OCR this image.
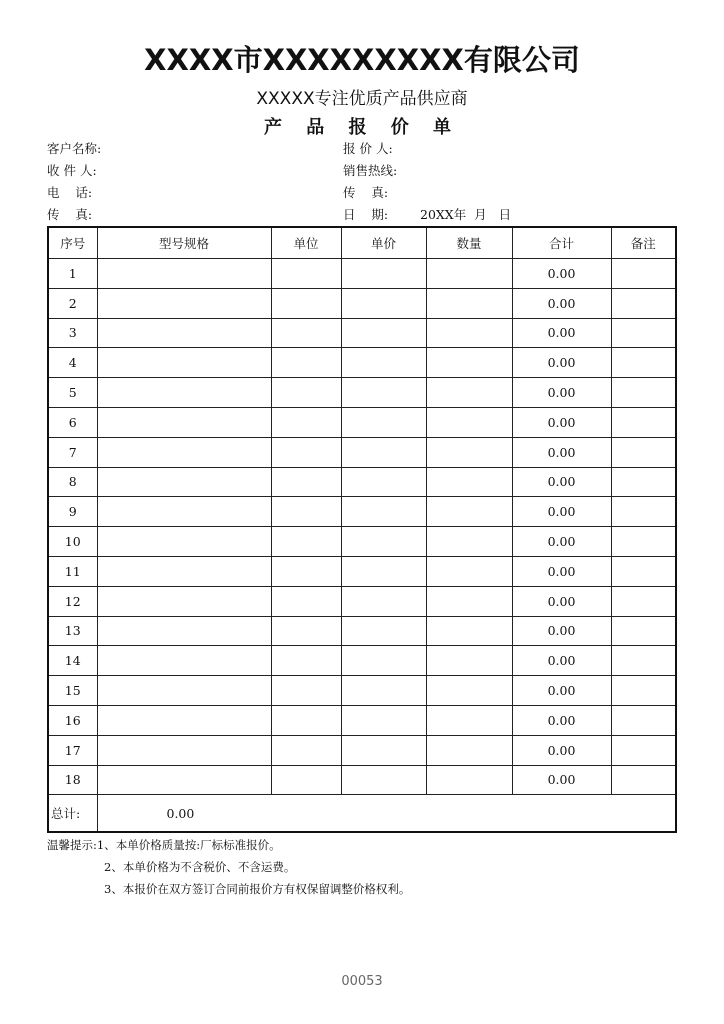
XXXX市XXXXXXXXX有限公司
XXXXX专注优质产品供应商
产 品 报 价 单
客户名称:
收 件 人:
电    话:
传    真:
报 价 人:
销售热线:
传    真:
日    期:	20XX年  月   日
序号	型号规格	单位	单价	数量	合计	备注
1					0.00	
2					0.00	
3					0.00	
4					0.00	
5					0.00	
6					0.00	
7					0.00	
8					0.00	
9					0.00	
10					0.00	
11					0.00	
12					0.00	
13					0.00	
14					0.00	
15					0.00	
16					0.00	
17					0.00	
18					0.00	
总计:	0.00					
温馨提示:1、本单价格质量按:厂标标准报价。
2、本单价格为不含税价、不含运费。
3、本报价在双方签订合同前报价方有权保留调整价格权利。
00053
